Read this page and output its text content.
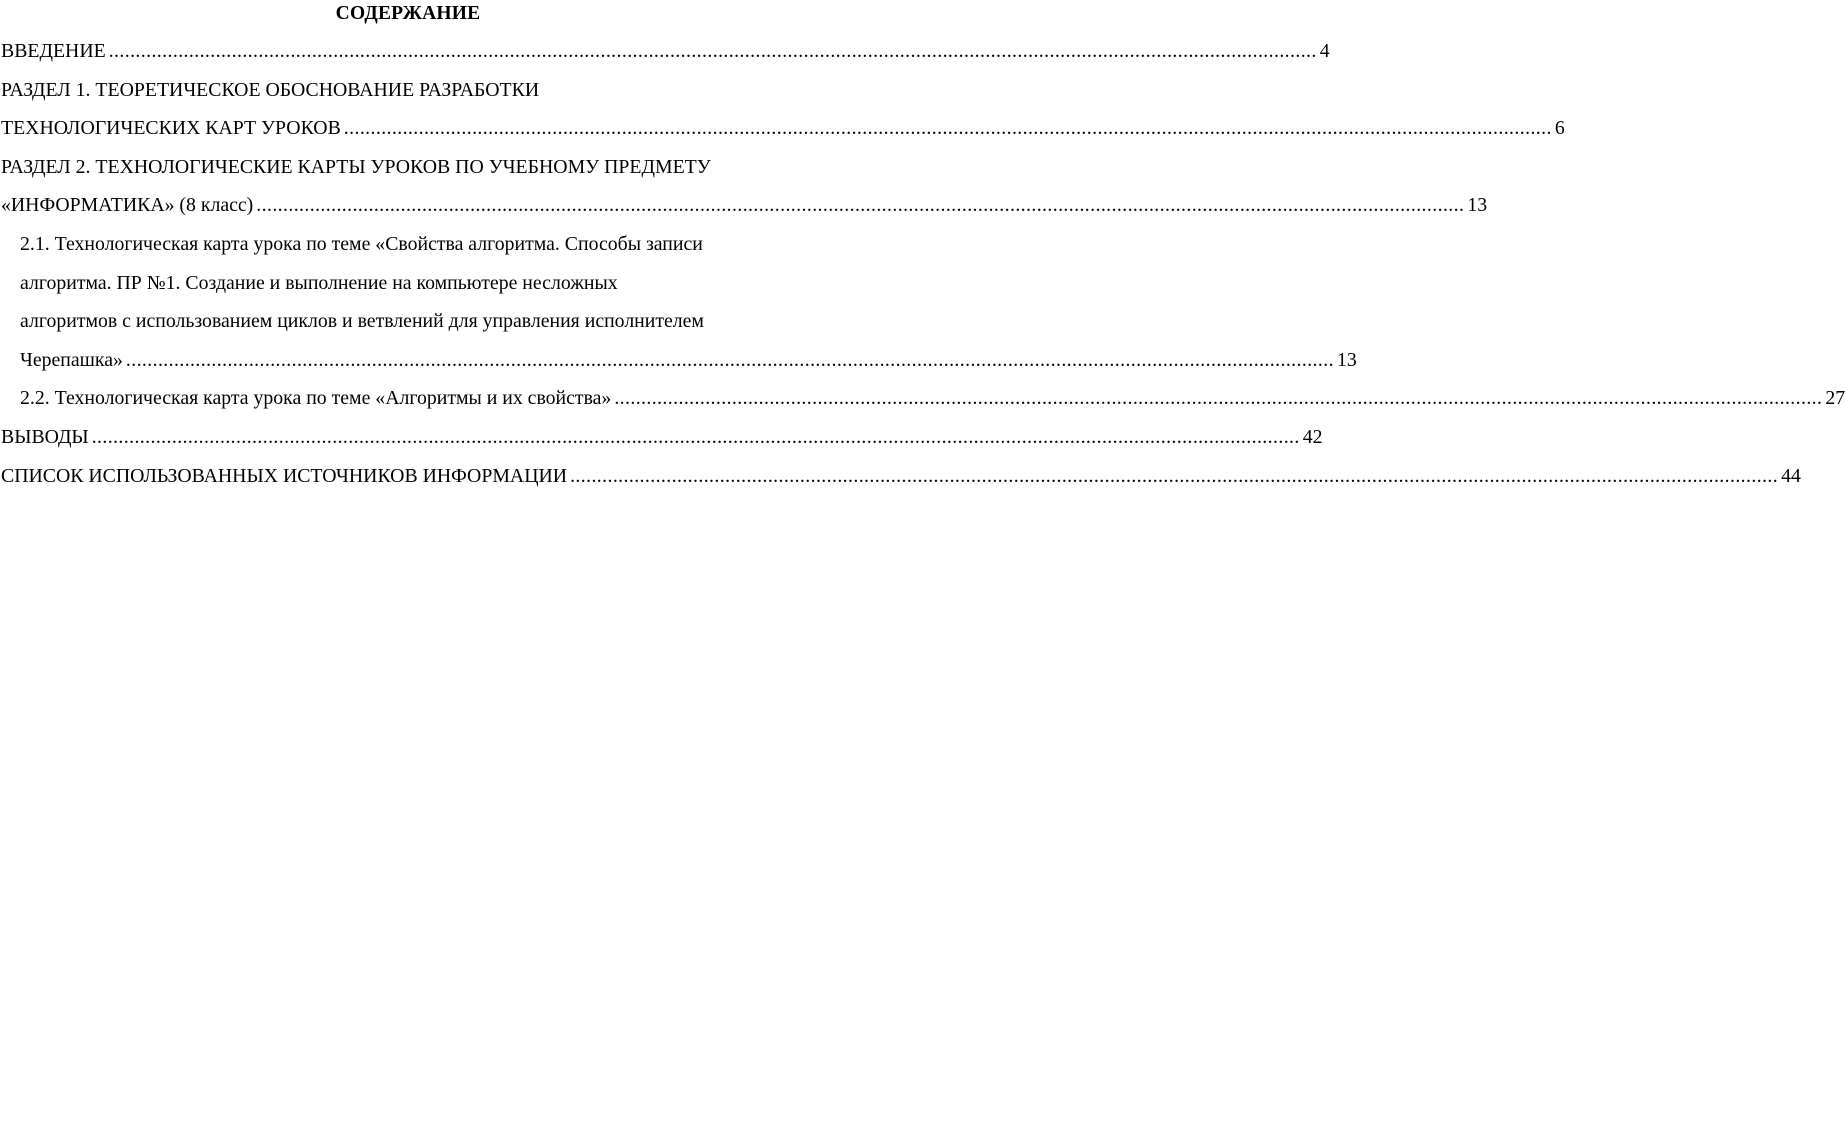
СОДЕРЖАНИЕ
ВВЕДЕНИЕ .................................................................................................................................................................................................................................. 4
РАЗДЕЛ 1. ТЕОРЕТИЧЕСКОЕ ОБОСНОВАНИЕ РАЗРАБОТКИ
ТЕХНОЛОГИЧЕСКИХ КАРТ УРОКОВ .................................................................................................................................................................................................................................. 6
РАЗДЕЛ 2. ТЕХНОЛОГИЧЕСКИЕ КАРТЫ УРОКОВ ПО УЧЕБНОМУ ПРЕДМЕТУ
«ИНФОРМАТИКА» (8 класс) .................................................................................................................................................................................................................................. 13
2.1. Технологическая карта урока по теме «Свойства алгоритма. Способы записи
алгоритма. ПР №1. Создание и выполнение на компьютере несложных
алгоритмов с использованием циклов и ветвлений для управления исполнителем
Черепашка» .................................................................................................................................................................................................................................. 13
2.2. Технологическая карта урока по теме «Алгоритмы и их свойства» .................................................................................................................................................................................................................................. 27
ВЫВОДЫ .................................................................................................................................................................................................................................. 42
СПИСОК ИСПОЛЬЗОВАННЫХ ИСТОЧНИКОВ ИНФОРМАЦИИ .................................................................................................................................................................................................................................. 44
